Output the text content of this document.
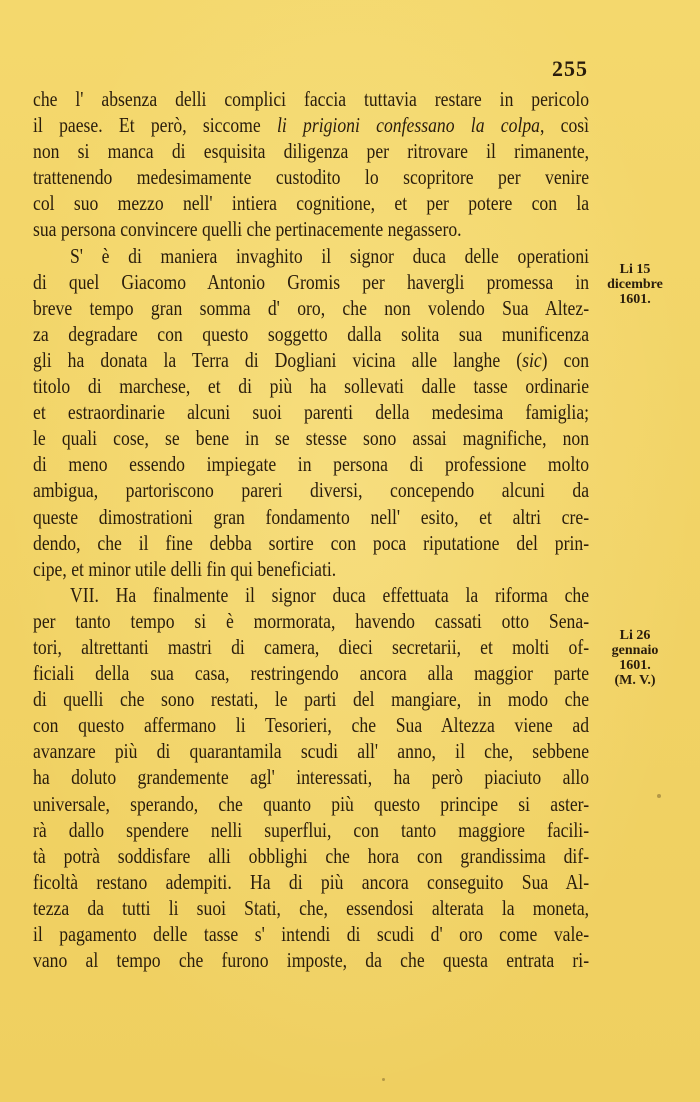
255
che l' absenza delli complici faccia tuttavia restare in pericolo
il paese. Et però, siccome li prigioni confessano la colpa, così
non si manca di esquisita diligenza per ritrovare il rimanente,
trattenendo medesimamente custodito lo scopritore per venire
col suo mezzo nell' intiera cognitione, et per potere con la
sua persona convincere quelli che pertinacemente negassero.
S' è di maniera invaghito il signor duca delle operationi
di quel Giacomo Antonio Gromis per havergli promessa in
breve tempo gran somma d' oro, che non volendo Sua Altez-
za degradare con questo soggetto dalla solita sua munificenza
gli ha donata la Terra di Dogliani vicina alle langhe (sic) con
titolo di marchese, et di più ha sollevati dalle tasse ordinarie
et estraordinarie alcuni suoi parenti della medesima famiglia;
le quali cose, se bene in se stesse sono assai magnifiche, non
di meno essendo impiegate in persona di professione molto
ambigua, partoriscono pareri diversi, concependo alcuni da
queste dimostrationi gran fondamento nell' esito, et altri cre-
dendo, che il fine debba sortire con poca riputatione del prin-
cipe, et minor utile delli fin qui beneficiati.
VII. Ha finalmente il signor duca effettuata la riforma che
per tanto tempo si è mormorata, havendo cassati otto Sena-
tori, altrettanti mastri di camera, dieci secretarii, et molti of-
ficiali della sua casa, restringendo ancora alla maggior parte
di quelli che sono restati, le parti del mangiare, in modo che
con questo affermano li Tesorieri, che Sua Altezza viene ad
avanzare più di quarantamila scudi all' anno, il che, sebbene
ha doluto grandemente agl' interessati, ha però piaciuto allo
universale, sperando, che quanto più questo principe si aster-
rà dallo spendere nelli superflui, con tanto maggiore facili-
tà potrà soddisfare alli obblighi che hora con grandissima dif-
ficoltà restano adempiti. Ha di più ancora conseguito Sua Al-
tezza da tutti li suoi Stati, che, essendosi alterata la moneta,
il pagamento delle tasse s' intendi di scudi d' oro come vale-
vano al tempo che furono imposte, da che questa entrata ri-
Li 15
dicembre
1601.
Li 26
gennaio
1601.
(M. V.)
